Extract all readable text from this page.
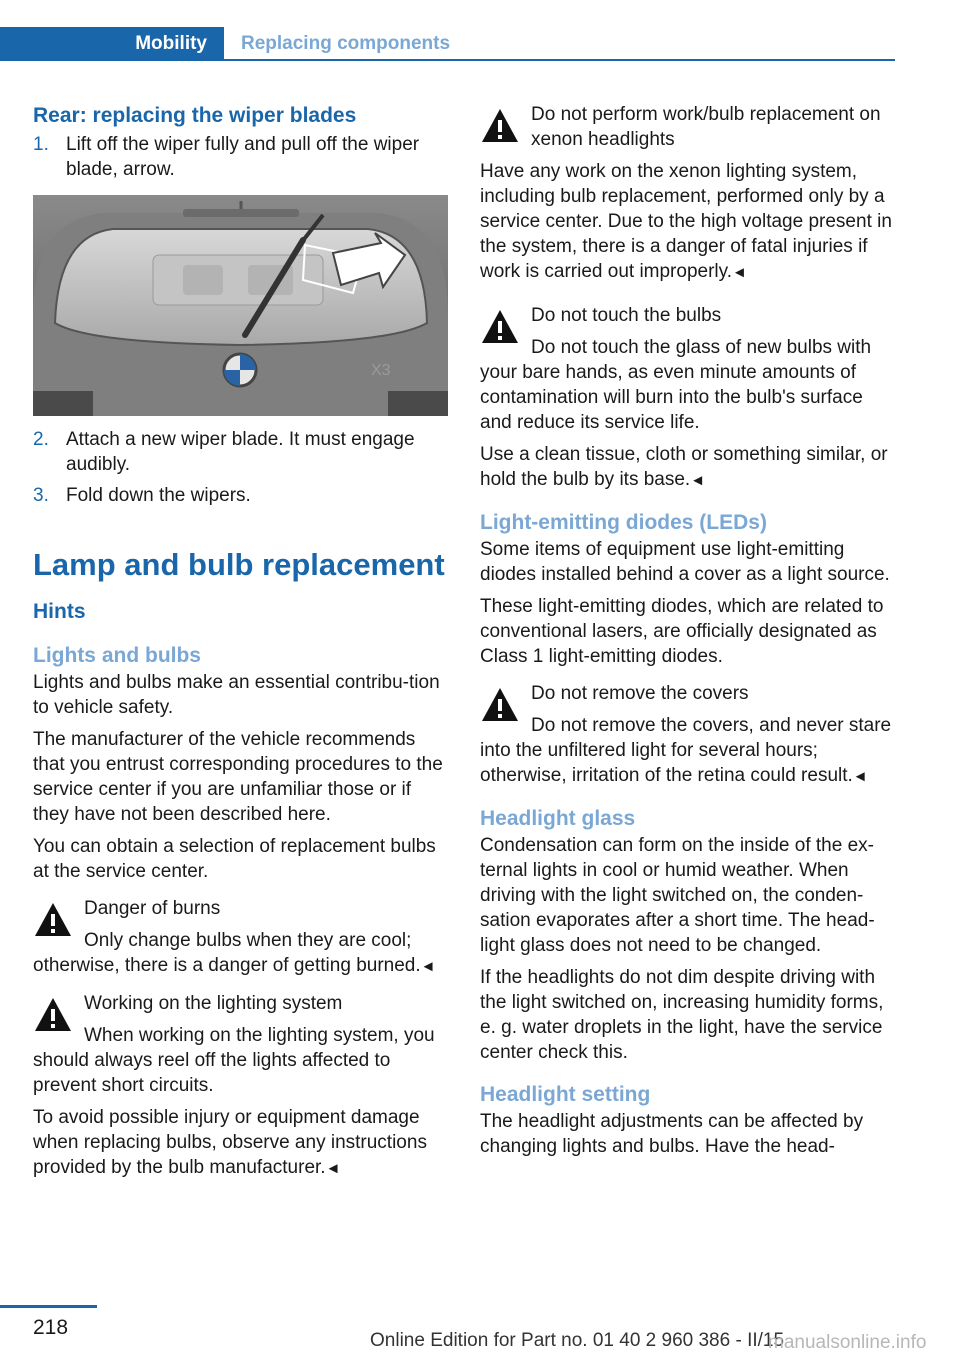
Mobility	Replacing components
Rear: replacing the wiper blades
1. Lift off the wiper fully and pull off the wiper blade, arrow.
X3
2. Attach a new wiper blade. It must engage audibly.
3. Fold down the wipers.
Lamp and bulb replacement
Hints
Lights and bulbs

Lights and bulbs make an essential contribu‐tion to vehicle safety.

The manufacturer of the vehicle recommends that you entrust corresponding procedures to the service center if you are unfamiliar those or if they have not been described here.

You can obtain a selection of replacement bulbs at the service center.

Danger of burns
Only change bulbs when they are cool; otherwise, there is a danger of getting burned.◄
Working on the lighting system
When working on the lighting system, you should always reel off the lights affected to prevent short circuits.

To avoid possible injury or equipment damage when replacing bulbs, observe any instructions provided by the bulb manufacturer.◄

Do not perform work/bulb replacement on xenon headlights
Have any work on the xenon lighting system, including bulb replacement, performed only by a service center. Due to the high voltage present in the system, there is a danger of fatal injuries if work is carried out improperly.◄
Do not touch the bulbs
Do not touch the glass of new bulbs with your bare hands, as even minute amounts of contamination will burn into the bulb's surface and reduce its service life.

Use a clean tissue, cloth or something similar, or hold the bulb by its base.◄

Light-emitting diodes (LEDs)

Some items of equipment use light-emitting diodes installed behind a cover as a light source.

These light-emitting diodes, which are related to conventional lasers, are officially designated as Class 1 light-emitting diodes.

Do not remove the covers
Do not remove the covers, and never stare into the unfiltered light for several hours; otherwise, irritation of the retina could result.◄
Headlight glass

Condensation can form on the inside of the ex‐ternal lights in cool or humid weather. When driving with the light switched on, the conden‐sation evaporates after a short time. The head‐light glass does not need to be changed.

If the headlights do not dim despite driving with the light switched on, increasing humidity forms, e. g. water droplets in the light, have the service center check this.

Headlight setting

The headlight adjustments can be affected by changing lights and bulbs. Have the head‐

218
Online Edition for Part no. 01 40 2 960 386 - II/15
manualsonline.info
